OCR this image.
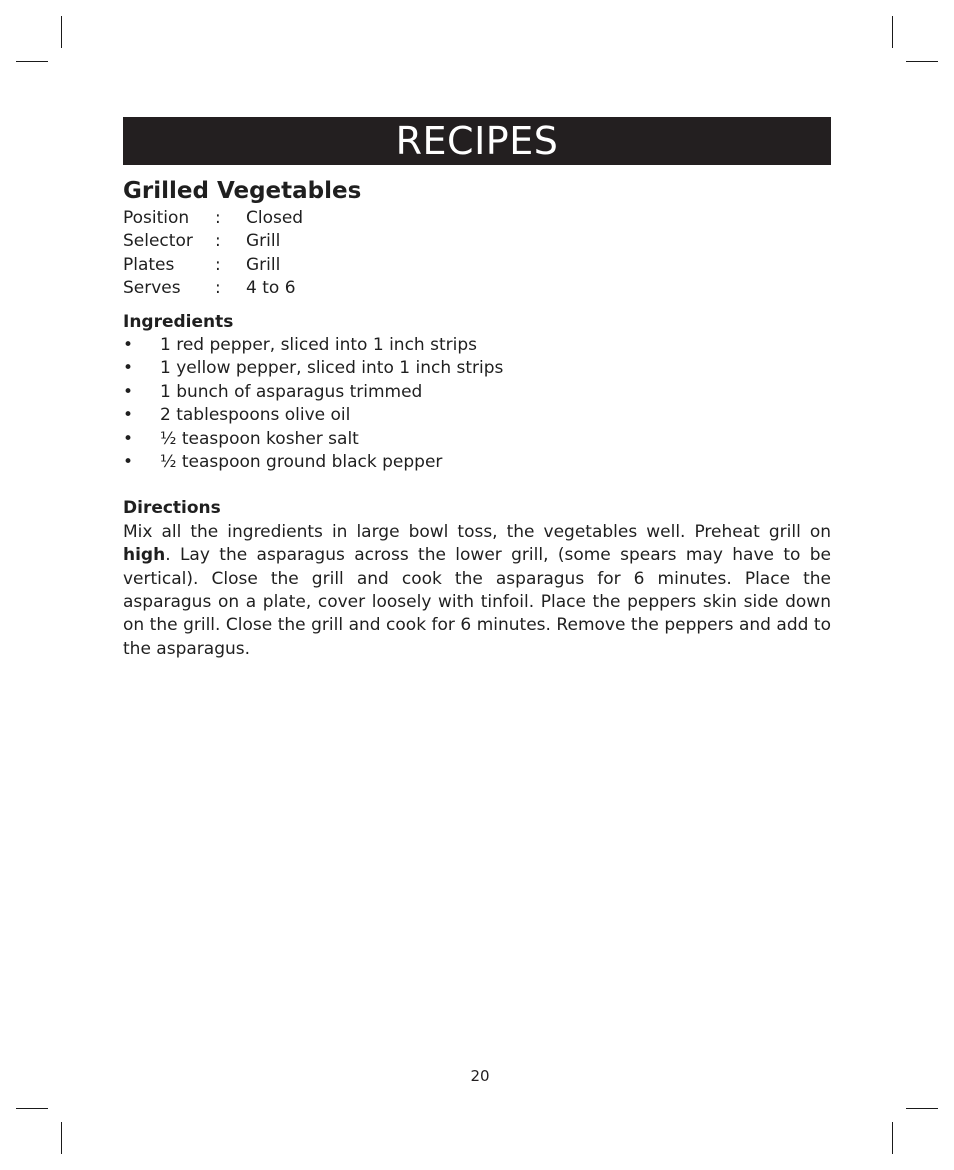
RECIPES
Grilled Vegetables
Position	:	Closed
Selector	:	Grill
Plates	:	Grill
Serves	:	4 to 6
Ingredients
•	1 red pepper, sliced into 1 inch strips
•	1 yellow pepper, sliced into 1 inch strips
•	1 bunch of asparagus trimmed
•	2 tablespoons olive oil
•	½ teaspoon kosher salt
•	½ teaspoon ground black pepper
Directions
Mix all the ingredients in large bowl toss, the vegetables well. Preheat grill on high. Lay the asparagus across the lower grill, (some spears may have to be vertical). Close the grill and cook the asparagus for 6 minutes. Place the asparagus on a plate, cover loosely with tinfoil. Place the peppers skin side down on the grill. Close the grill and cook for 6 minutes. Remove the peppers and add to the asparagus.
20
